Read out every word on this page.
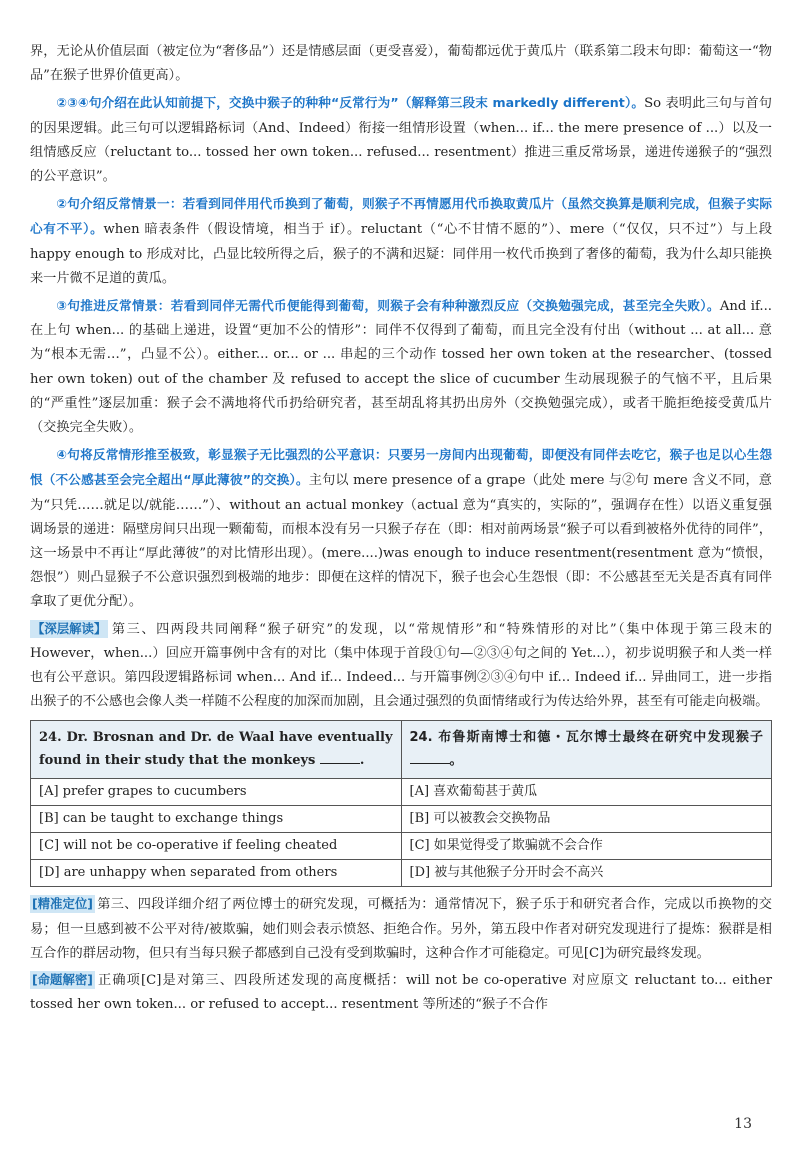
界，无论从价值层面（被定位为“奢侈品”）还是情感层面（更受喜爱），葡萄都远优于黄瓜片（联系第二段末句即：葡萄这一“物品”在猴子世界价值更高）。

②③④句介绍在此认知前提下，交换中猴子的种种“反常行为”（解释第三段末 markedly different）。So 表明此三句与首句的因果逻辑。此三句可以逻辑路标词（And、Indeed）衔接一组情形设置（when... if... the mere presence of ...）以及一组情感反应（reluctant to... tossed her own token... refused... resentment）推进三重反常场景，递进传递猴子的“强烈的公平意识”。

②句介绍反常情景一：若看到同伴用代币换到了葡萄，则猴子不再情愿用代币换取黄瓜片（虽然交换算是顺利完成，但猴子实际心有不平）。when 暗表条件（假设情境，相当于 if）。reluctant（“心不甘情不愿的”）、mere（“仅仅，只不过”）与上段 happy enough to 形成对比，凸显比较所得之后，猴子的不满和迟疑：同伴用一枚代币换到了奢侈的葡萄，我为什么却只能换来一片微不足道的黄瓜。

③句推进反常情景：若看到同伴无需代币便能得到葡萄，则猴子会有种种激烈反应（交换勉强完成，甚至完全失败）。And if... 在上句 when... 的基础上递进，设置“更加不公的情形”：同伴不仅得到了葡萄，而且完全没有付出（without ... at all... 意为“根本无需…”，凸显不公）。either... or... or ... 串起的三个动作 tossed her own token at the researcher、(tossed her own token) out of the chamber 及 refused to accept the slice of cucumber 生动展现猴子的气恼不平，且后果的“严重性”逐层加重：猴子会不满地将代币扔给研究者，甚至胡乱将其扔出房外（交换勉强完成），或者干脆拒绝接受黄瓜片（交换完全失败）。

④句将反常情形推至极致，彰显猴子无比强烈的公平意识：只要另一房间内出现葡萄，即便没有同伴去吃它，猴子也足以心生怨恨（不公感甚至会完全超出“厚此薄彼”的交换）。主句以 mere presence of a grape（此处 mere 与②句 mere 含义不同，意为“只凭……就足以/就能……”）、without an actual monkey（actual 意为“真实的，实际的”，强调存在性）以语义重复强调场景的递进：隔壁房间只出现一颗葡萄，而根本没有另一只猴子存在（即：相对前两场景“猴子可以看到被格外优待的同伴”，这一场景中不再让“厚此薄彼”的对比情形出现）。(mere....)was enough to induce resentment(resentment 意为“愤恨，怨恨”）则凸显猴子不公意识强烈到极端的地步：即便在这样的情况下，猴子也会心生怨恨（即：不公感甚至无关是否真有同伴拿取了更优分配）。

【深层解读】 第三、四两段共同阐释“猴子研究”的发现，以“常规情形”和“特殊情形的对比”（集中体现于第三段末的 However，when...）回应开篇事例中含有的对比（集中体现于首段①句—②③④句之间的 Yet...），初步说明猴子和人类一样也有公平意识。第四段逻辑路标词 when... And if... Indeed... 与开篇事例②③④句中 if... Indeed if... 异曲同工，进一步指出猴子的不公感也会像人类一样随不公程度的加深而加剧，且会通过强烈的负面情绪或行为传达给外界，甚至有可能走向极端。

24. Dr. Brosnan and Dr. de Waal have eventually found in their study that the monkeys .	24. 布鲁斯南博士和德・瓦尔博士最终在研究中发现猴子。
[A] prefer grapes to cucumbers	[A] 喜欢葡萄甚于黄瓜
[B] can be taught to exchange things	[B] 可以被教会交换物品
[C] will not be co-operative if feeling cheated	[C] 如果觉得受了欺骗就不会合作
[D] are unhappy when separated from others	[D] 被与其他猴子分开时会不高兴

[精准定位] 第三、四段详细介绍了两位博士的研究发现，可概括为：通常情况下，猴子乐于和研究者合作，完成以币换物的交易；但一旦感到被不公平对待/被欺骗，她们则会表示愤怒、拒绝合作。另外，第五段中作者对研究发现进行了提炼：猴群是相互合作的群居动物，但只有当每只猴子都感到自己没有受到欺骗时，这种合作才可能稳定。可见[C]为研究最终发现。

[命题解密] 正确项[C]是对第三、四段所述发现的高度概括：will not be co-operative 对应原文 reluctant to... either tossed her own token... or refused to accept... resentment 等所述的“猴子不合作

13
